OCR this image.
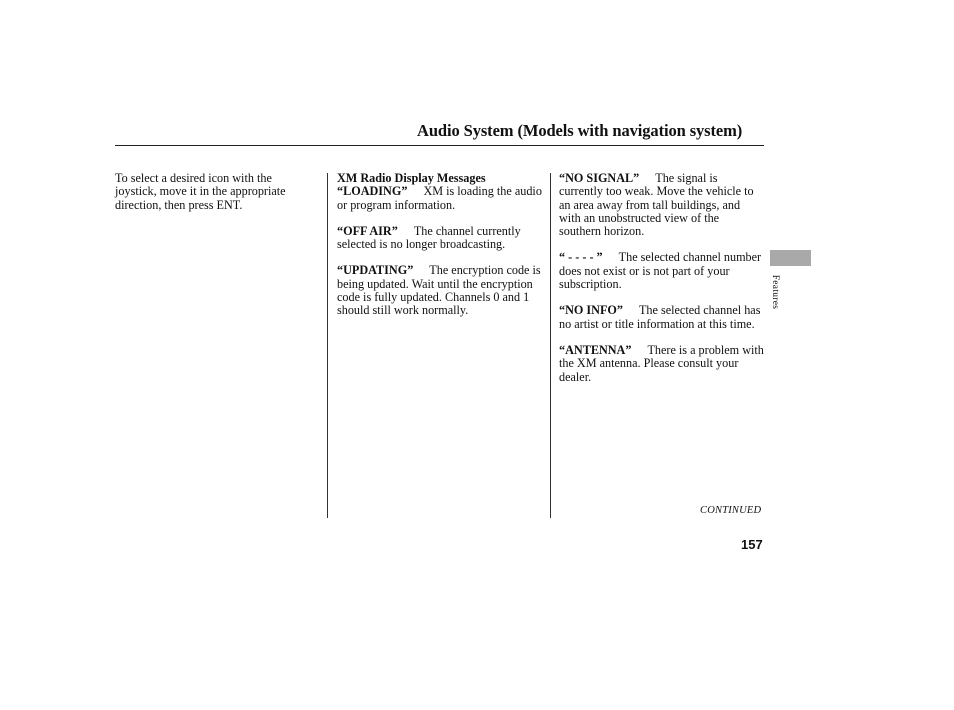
Audio System (Models with navigation system)

To select a desired icon with the joystick, move it in the appropriate direction, then press ENT.

XM Radio Display Messages

“LOADING” XM is loading the audio or program information.

“OFF AIR” The channel currently selected is no longer broadcasting.

“UPDATING” The encryption code is being updated. Wait until the encryption code is fully updated. Channels 0 and 1 should still work normally.

“NO SIGNAL” The signal is currently too weak. Move the vehicle to an area away from tall buildings, and with an unobstructed view of the southern horizon.

“ - - - - ” The selected channel number does not exist or is not part of your subscription.

“NO INFO” The selected channel has no artist or title information at this time.

“ANTENNA” There is a problem with the XM antenna. Please consult your dealer.

Features
CONTINUED
157
